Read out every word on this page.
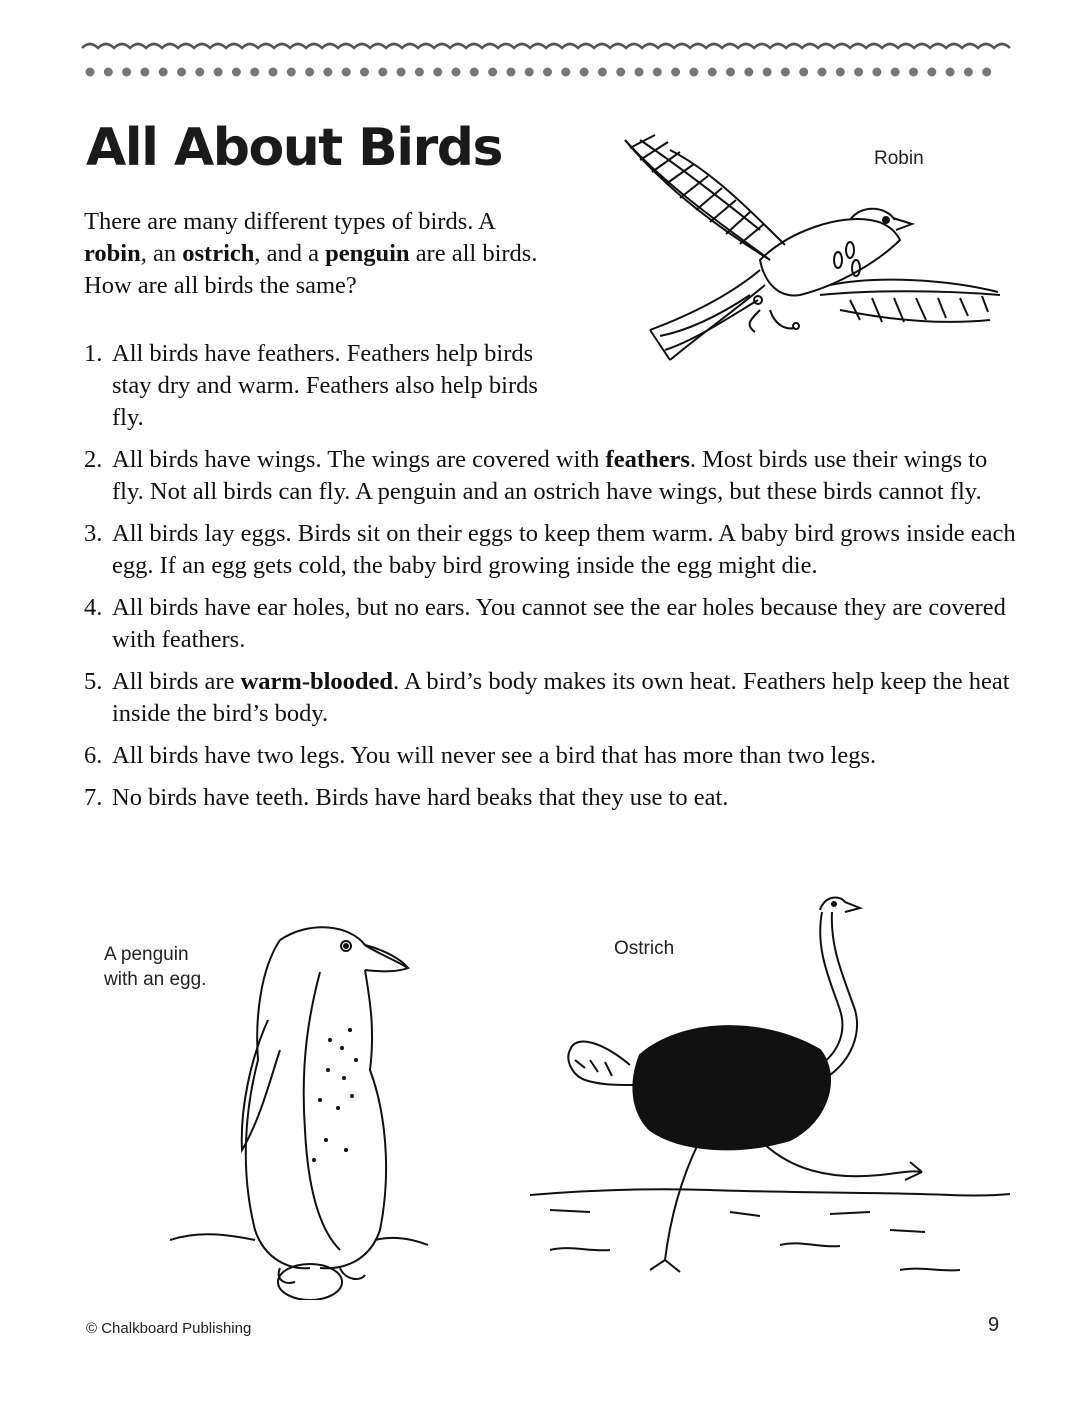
All About Birds
There are many different types of birds. A robin, an ostrich, and a penguin are all birds. How are all birds the same?
1. All birds have feathers. Feathers help birds stay dry and warm. Feathers also help birds fly.
2. All birds have wings. The wings are covered with feathers. Most birds use their wings to fly. Not all birds can fly. A penguin and an ostrich have wings, but these birds cannot fly.
3. All birds lay eggs. Birds sit on their eggs to keep them warm. A baby bird grows inside each egg. If an egg gets cold, the baby bird growing inside the egg might die.
4. All birds have ear holes, but no ears. You cannot see the ear holes because they are covered with feathers.
5. All birds are warm-blooded. A bird’s body makes its own heat. Feathers help keep the heat inside the bird’s body.
6. All birds have two legs. You will never see a bird that has more than two legs.
7. No birds have teeth. Birds have hard beaks that they use to eat.
Robin
A penguin
with an egg.
Ostrich
© Chalkboard Publishing	9
